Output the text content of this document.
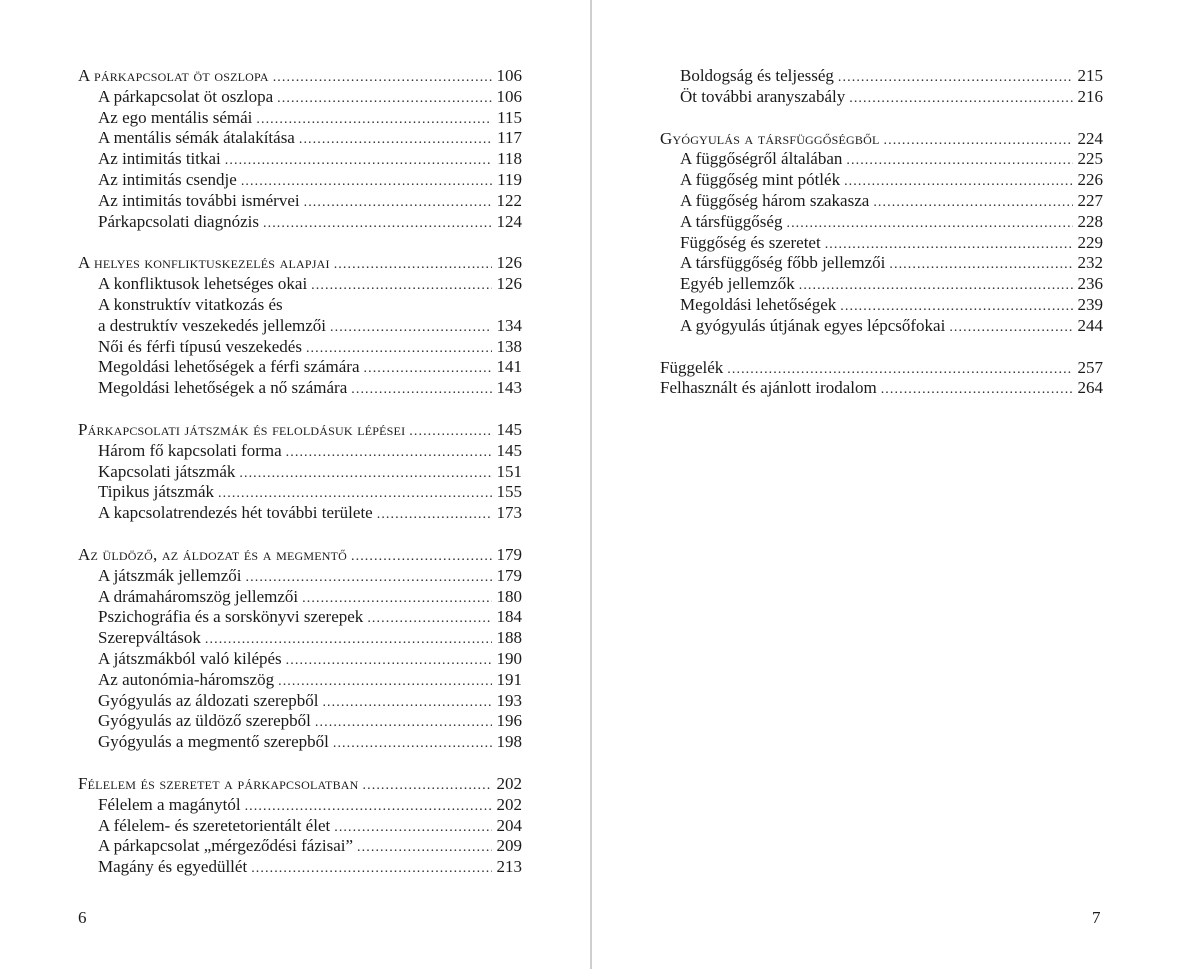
A párkapcsolat öt oszlopa . . .	106
A párkapcsolat öt oszlopa . . .	106
Az ego mentális sémái . . .	115
A mentális sémák átalakítása . . .	117
Az intimitás titkai . . .	118
Az intimitás csendje . . .	119
Az intimitás további ismérvei . . .	122
Párkapcsolati diagnózis . . .	124
A helyes konfliktuskezelés alapjai . . .	126
A konfliktusok lehetséges okai . . .	126
A konstruktív vitatkozás és
a destruktív veszekedés jellemzői . . .	134
Női és férfi típusú veszekedés . . .	138
Megoldási lehetőségek a férfi számára . . .	141
Megoldási lehetőségek a nő számára . . .	143
Párkapcsolati játszmák és feloldásuk lépései . . .	145
Három fő kapcsolati forma . . .	145
Kapcsolati játszmák . . .	151
Tipikus játszmák . . .	155
A kapcsolatrendezés hét további területe . . .	173
Az üldöző, az áldozat és a megmentő . . .	179
A játszmák jellemzői . . .	179
A drámaháromszög jellemzői . . .	180
Pszichográfia és a sorskönyvi szerepek . . .	184
Szerepváltások . . .	188
A játszmákból való kilépés . . .	190
Az autonómia-háromszög . . .	191
Gyógyulás az áldozati szerepből . . .	193
Gyógyulás az üldöző szerepből . . .	196
Gyógyulás a megmentő szerepből . . .	198
Félelem és szeretet a párkapcsolatban . . .	202
Félelem a magánytól . . .	202
A félelem- és szeretetorientált élet . . .	204
A párkapcsolat „mérgeződési fázisai” . . .	209
Magány és egyedüllét . . .	213
6
Boldogság és teljesség . . .	215
Öt további aranyszabály . . .	216
Gyógyulás a társfüggőségből . . .	224
A függőségről általában . . .	225
A függőség mint pótlék . . .	226
A függőség három szakasza . . .	227
A társfüggőség . . .	228
Függőség és szeretet . . .	229
A társfüggőség főbb jellemzői . . .	232
Egyéb jellemzők . . .	236
Megoldási lehetőségek . . .	239
A gyógyulás útjának egyes lépcsőfokai . . .	244
Függelék . . .	257
Felhasznált és ajánlott irodalom . . .	264
7
